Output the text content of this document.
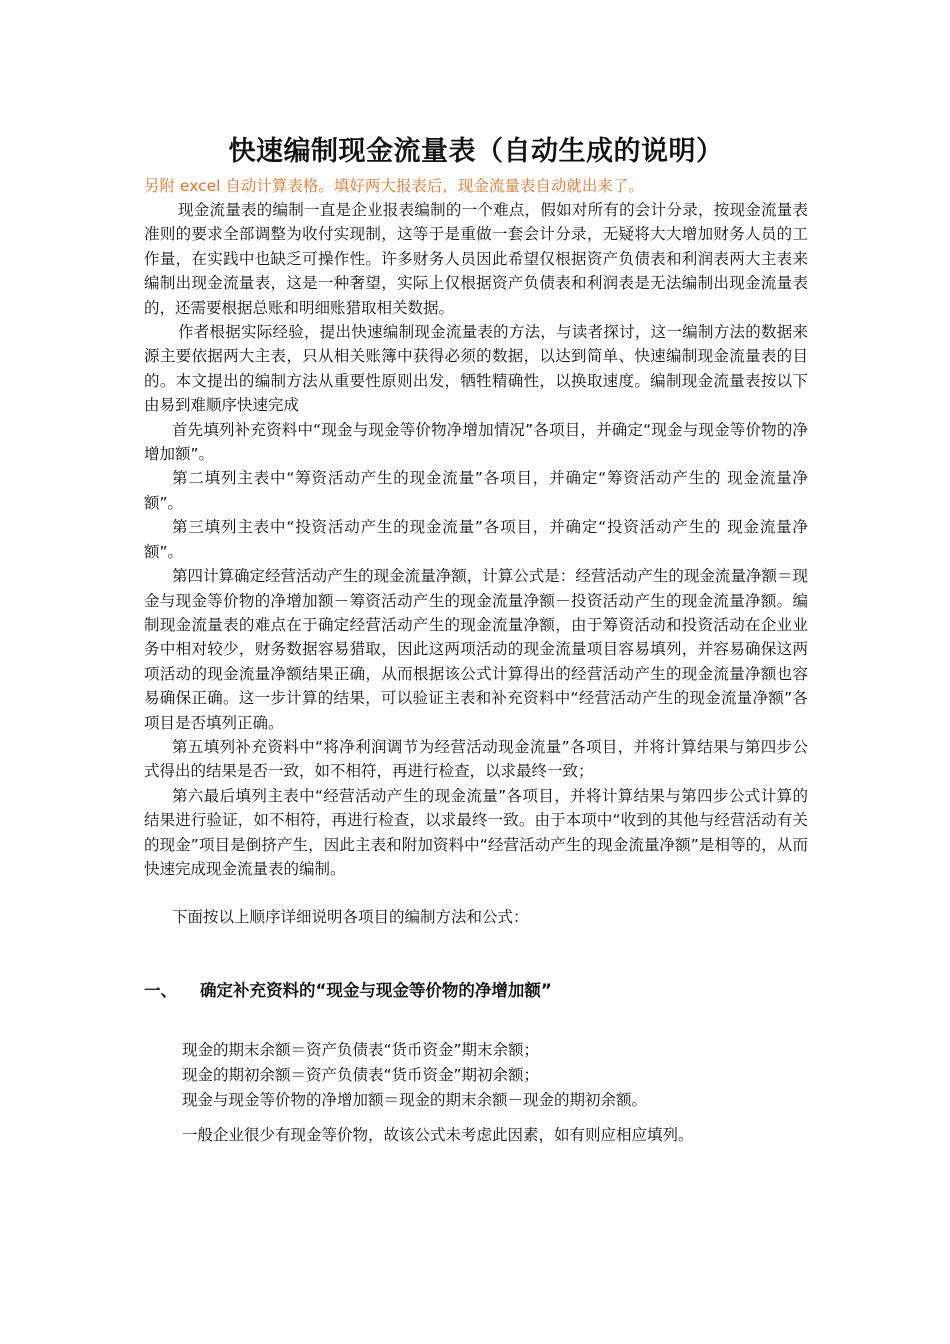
快速编制现金流量表（自动生成的说明）
另附 excel 自动计算表格。填好两大报表后，现金流量表自动就出来了。
现金流量表的编制一直是企业报表编制的一个难点，假如对所有的会计分录，按现金流量表准则的要求全部调整为收付实现制，这等于是重做一套会计分录，无疑将大大增加财务人员的工作量，在实践中也缺乏可操作性。许多财务人员因此希望仅根据资产负债表和利润表两大主表来编制出现金流量表，这是一种奢望，实际上仅根据资产负债表和利润表是无法编制出现金流量表的，还需要根据总账和明细账猎取相关数据。
作者根据实际经验，提出快速编制现金流量表的方法，与读者探讨，这一编制方法的数据来源主要依据两大主表，只从相关账簿中获得必须的数据，以达到简单、快速编制现金流量表的目的。本文提出的编制方法从重要性原则出发，牺牲精确性，以换取速度。编制现金流量表按以下由易到难顺序快速完成
首先填列补充资料中“现金与现金等价物净增加情况”各项目，并确定“现金与现金等价物的净增加额”。
第二填列主表中“筹资活动产生的现金流量”各项目，并确定“筹资活动产生的 现金流量净额”。
第三填列主表中“投资活动产生的现金流量”各项目，并确定“投资活动产生的 现金流量净额”。
第四计算确定经营活动产生的现金流量净额，计算公式是：经营活动产生的现金流量净额＝现金与现金等价物的净增加额－筹资活动产生的现金流量净额－投资活动产生的现金流量净额。编制现金流量表的难点在于确定经营活动产生的现金流量净额，由于筹资活动和投资活动在企业业务中相对较少，财务数据容易猎取，因此这两项活动的现金流量项目容易填列，并容易确保这两项活动的现金流量净额结果正确，从而根据该公式计算得出的经营活动产生的现金流量净额也容易确保正确。这一步计算的结果，可以验证主表和补充资料中“经营活动产生的现金流量净额”各项目是否填列正确。
第五填列补充资料中“将净利润调节为经营活动现金流量”各项目，并将计算结果与第四步公式得出的结果是否一致，如不相符，再进行检查，以求最终一致；
第六最后填列主表中“经营活动产生的现金流量”各项目，并将计算结果与第四步公式计算的结果进行验证，如不相符，再进行检查，以求最终一致。由于本项中“收到的其他与经营活动有关的现金”项目是倒挤产生，因此主表和附加资料中“经营活动产生的现金流量净额”是相等的，从而快速完成现金流量表的编制。
下面按以上顺序详细说明各项目的编制方法和公式：
一、	确定补充资料的“现金与现金等价物的净增加额”
现金的期末余额＝资产负债表“货币资金”期末余额；
现金的期初余额＝资产负债表“货币资金”期初余额；
现金与现金等价物的净增加额＝现金的期末余额－现金的期初余额。
一般企业很少有现金等价物，故该公式未考虑此因素，如有则应相应填列。
